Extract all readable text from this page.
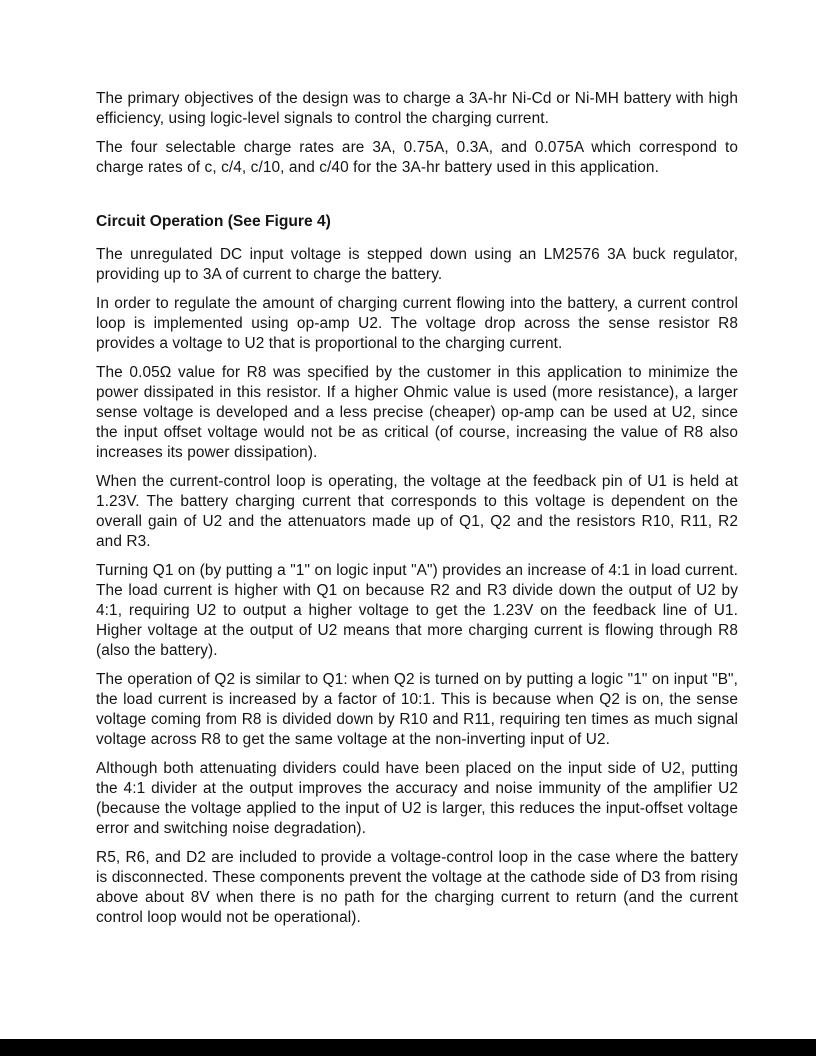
The primary objectives of the design was to charge a 3A-hr Ni-Cd or Ni-MH battery with high efficiency, using logic-level signals to control the charging current.

The four selectable charge rates are 3A, 0.75A, 0.3A, and 0.075A which correspond to charge rates of c, c/4, c/10, and c/40 for the 3A-hr battery used in this application.

Circuit Operation (See Figure 4)

The unregulated DC input voltage is stepped down using an LM2576 3A buck regulator, providing up to 3A of current to charge the battery.

In order to regulate the amount of charging current flowing into the battery, a current control loop is implemented using op-amp U2. The voltage drop across the sense resistor R8 provides a voltage to U2 that is proportional to the charging current.

The 0.05Ω value for R8 was specified by the customer in this application to minimize the power dissipated in this resistor. If a higher Ohmic value is used (more resistance), a larger sense voltage is developed and a less precise (cheaper) op-amp can be used at U2, since the input offset voltage would not be as critical (of course, increasing the value of R8 also increases its power dissipation).

When the current-control loop is operating, the voltage at the feedback pin of U1 is held at 1.23V. The battery charging current that corresponds to this voltage is dependent on the overall gain of U2 and the attenuators made up of Q1, Q2 and the resistors R10, R11, R2 and R3.

Turning Q1 on (by putting a "1" on logic input "A") provides an increase of 4:1 in load current. The load current is higher with Q1 on because R2 and R3 divide down the output of U2 by 4:1, requiring U2 to output a higher voltage to get the 1.23V on the feedback line of U1. Higher voltage at the output of U2 means that more charging current is flowing through R8 (also the battery).

The operation of Q2 is similar to Q1: when Q2 is turned on by putting a logic "1" on input "B", the load current is increased by a factor of 10:1. This is because when Q2 is on, the sense voltage coming from R8 is divided down by R10 and R11, requiring ten times as much signal voltage across R8 to get the same voltage at the non-inverting input of U2.

Although both attenuating dividers could have been placed on the input side of U2, putting the 4:1 divider at the output improves the accuracy and noise immunity of the amplifier U2 (because the voltage applied to the input of U2 is larger, this reduces the input-offset voltage error and switching noise degradation).

R5, R6, and D2 are included to provide a voltage-control loop in the case where the battery is disconnected. These components prevent the voltage at the cathode side of D3 from rising above about 8V when there is no path for the charging current to return (and the current control loop would not be operational).
